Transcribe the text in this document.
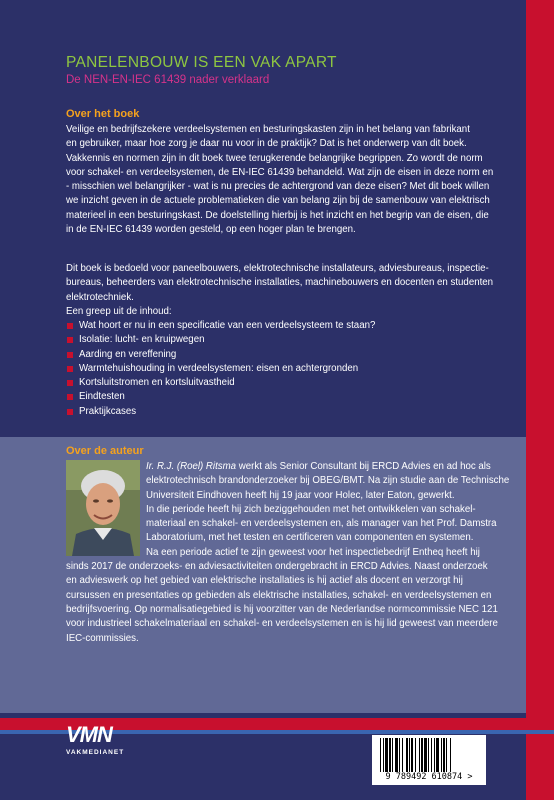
PANELENBOUW IS EEN VAK APART
De NEN-EN-IEC 61439 nader verklaard
Over het boek

Veilige en bedrijfszekere verdeelsystemen en besturingskasten zijn in het belang van fabrikant

en gebruiker, maar hoe zorg je daar nu voor in de praktijk? Dat is het onderwerp van dit boek.

Vakkennis en normen zijn in dit boek twee terugkerende belangrijke begrippen. Zo wordt de norm

voor schakel- en verdeelsystemen, de EN-IEC 61439 behandeld. Wat zijn de eisen in deze norm en

- misschien wel belangrijker - wat is nu precies de achtergrond van deze eisen? Met dit boek willen

we inzicht geven in de actuele problematieken die van belang zijn bij de samenbouw van elektrisch

materieel in een besturingskast. De doelstelling hierbij is het inzicht en het begrip van de eisen, die

in de EN-IEC 61439 worden gesteld, op een hoger plan te brengen.

Dit boek is bedoeld voor paneelbouwers, elektrotechnische installateurs, adviesbureaus, inspectie-

bureaus, beheerders van elektrotechnische installaties, machinebouwers en docenten en studenten

elektrotechniek.

Een greep uit de inhoud:

Wat hoort er nu in een specificatie van een verdeelsysteem te staan?
Isolatie: lucht- en kruipwegen
Aarding en vereffening
Warmtehuishouding in verdeelsystemen: eisen en achtergronden
Kortsluitstromen en kortsluitvastheid
Eindtesten
Praktijkcases
Over de auteur

Ir. R.J. (Roel) Ritsma werkt als Senior Consultant bij ERCD Advies en ad hoc als

elektrotechnisch brandonderzoeker bij OBEG/BMT. Na zijn studie aan de Technische

Universiteit Eindhoven heeft hij 19 jaar voor Holec, later Eaton, gewerkt.

In die periode heeft hij zich beziggehouden met het ontwikkelen van schakel-

materiaal en schakel- en verdeelsystemen en, als manager van het Prof. Damstra

Laboratorium, met het testen en certificeren van componenten en systemen.

Na een periode actief te zijn geweest voor het inspectiebedrijf Entheq heeft hij

sinds 2017 de onderzoeks- en adviesactiviteiten ondergebracht in ERCD Advies. Naast onderzoek

en advieswerk op het gebied van elektrische installaties is hij actief als docent en verzorgt hij

cursussen en presentaties op gebieden als elektrische installaties, schakel- en verdeelsystemen en

bedrijfsvoering. Op normalisatiegebied is hij voorzitter van de Nederlandse normcommissie NEC 121

voor industrieel schakelmateriaal en schakel- en verdeelsystemen en is hij lid geweest van meerdere

IEC-commissies.

VMN
VAKMEDIANET
9 789492 610874 >
